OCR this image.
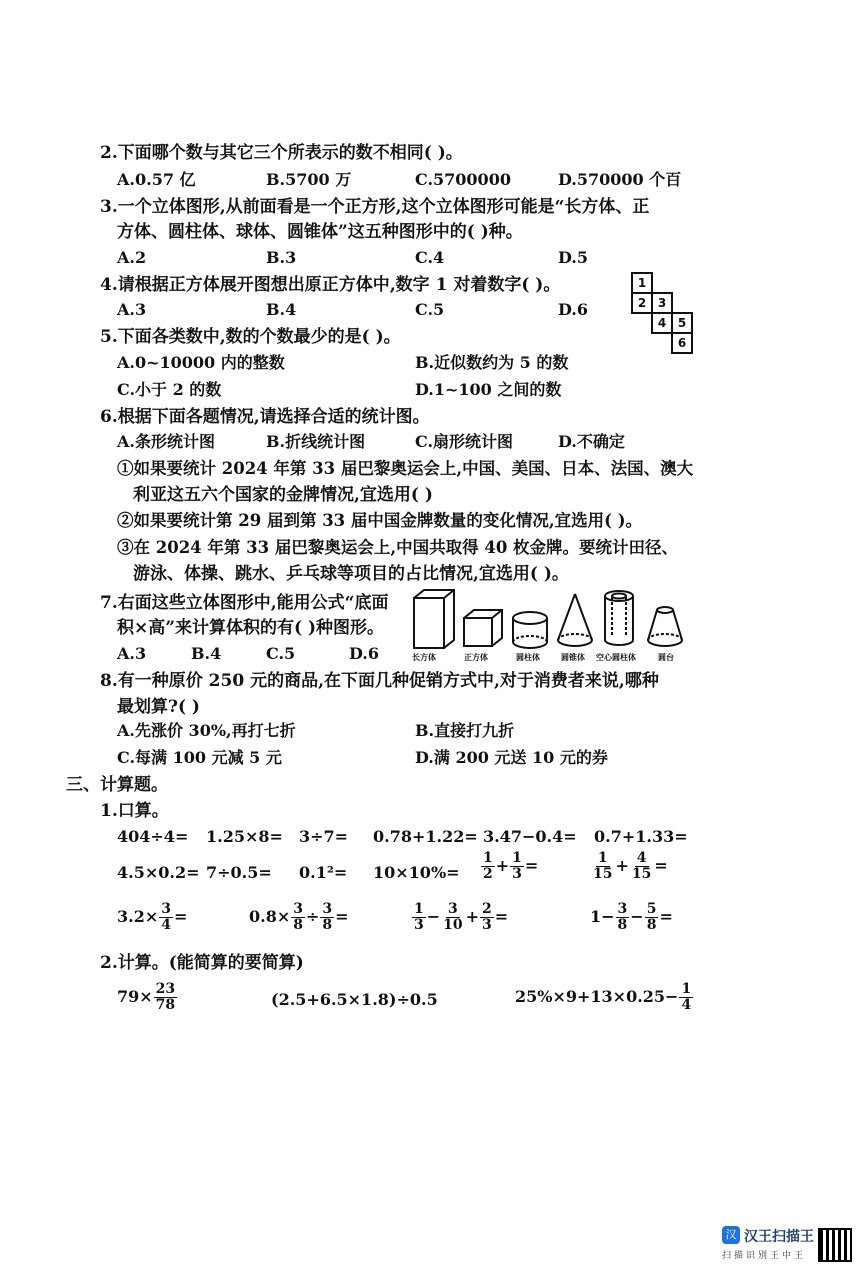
2.下面哪个数与其它三个所表示的数不相同( )。
A.0.57 亿	B.5700 万	C.5700000	D.570000 个百
3.一个立体图形,从前面看是一个正方形,这个立体图形可能是“长方体、正
方体、圆柱体、球体、圆锥体”这五种图形中的( )种。
A.2	B.3	C.4	D.5
4.请根据正方体展开图想出原正方体中,数字 1 对着数字( )。
A.3	B.4	C.5	D.6
1
2 3
4 5
6
5.下面各类数中,数的个数最少的是( )。
A.0~10000 内的整数	B.近似数约为 5 的数
C.小于 2 的数	D.1~100 之间的数
6.根据下面各题情况,请选择合适的统计图。
A.条形统计图	B.折线统计图	C.扇形统计图	D.不确定
①如果要统计 2024 年第 33 届巴黎奥运会上,中国、美国、日本、法国、澳大
利亚这五六个国家的金牌情况,宜选用( )
②如果要统计第 29 届到第 33 届中国金牌数量的变化情况,宜选用( )。
③在 2024 年第 33 届巴黎奥运会上,中国共取得 40 枚金牌。要统计田径、
游泳、体操、跳水、乒乓球等项目的占比情况,宜选用( )。
7.右面这些立体图形中,能用公式“底面
积×高”来计算体积的有( )种图形。
A.3	B.4	C.5	D.6	长方体	正方体	圆柱体	圆锥体 空心圆柱体	圆台
8.有一种原价 250 元的商品,在下面几种促销方式中,对于消费者来说,哪种
最划算?( )
A.先涨价 30%,再打七折	B.直接打九折
C.每满 100 元减 5 元	D.满 200 元送 10 元的券
三、计算题。
1.口算。
404÷4= 1.25×8= 3÷7= 0.78+1.22= 3.47−0.4= 0.7+1.33=
$4.5\times 0.2= 7\div 0.5= 0.1^2= 10\times 10\%= \frac{1}{2} + \frac{1}{3}$ =	$\frac{1}{15} + \frac{4}{15}$ =
$3.2\times \frac{3}{4}$ =	$0.8\times \frac{3}{8} \div \frac{3}{8}$ =	$\frac{1}{3} - \frac{3}{10} + \frac{2}{3}$ =	$1- \frac{3}{8} - \frac{5}{8}$ =
2.计算。(能简算的要简算)
$79\times \frac{23}{78}$	(2.5+6.5×1.8)÷0.5	$25\%\times 9+13\times 0.25- \frac{1}{4}$
汉 汉王扫描王
扫描识别王中王
